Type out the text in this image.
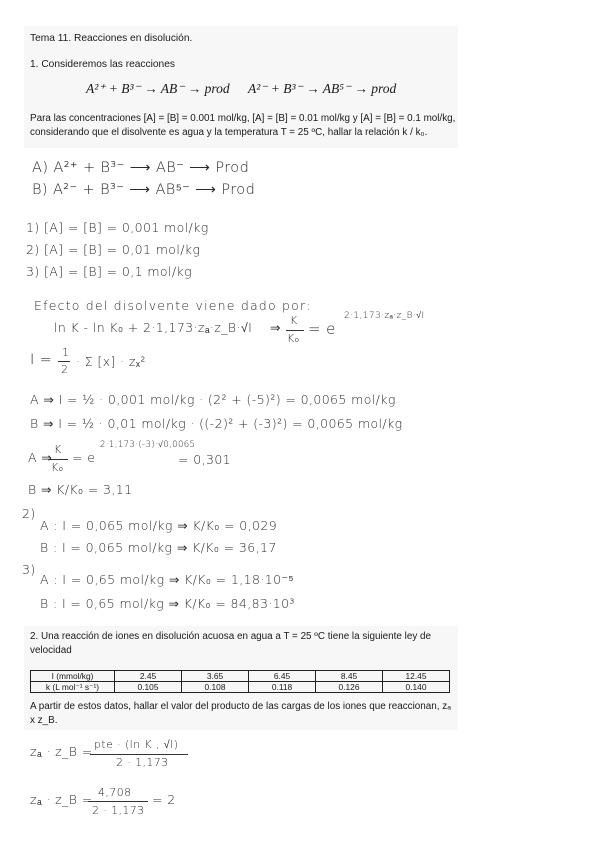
Tema 11. Reacciones en disolución.
1. Consideremos las reacciones
A²⁺ + B³⁻ → AB⁻ → prod A²⁻ + B³⁻ → AB⁵⁻ → prod
Para las concentraciones [A] = [B] = 0.001 mol/kg, [A] = [B] = 0.01 mol/kg y [A] = [B] = 0.1 mol/kg,
considerando que el disolvente es agua y la temperatura T = 25 ºC, hallar la relación k / k₀.
A) A²⁺ + B³⁻ ⟶ AB⁻ ⟶ Prod
B) A²⁻ + B³⁻ ⟶ AB⁵⁻ ⟶ Prod
1) [A] = [B] = 0,001 mol/kg
2) [A] = [B] = 0,01 mol/kg
3) [A] = [B] = 0,1 mol/kg
Efecto del disolvente viene dado por:
ln K - ln K₀ + 2·1,173·zₐ·z_B·√I ⇒ K
K₀
= e
2·1,173·zₐ·z_B·√I
I = 1
2
· Σ [x] · zₓ²
A ⇒ I = ½ · 0,001 mol/kg · (2² + (-5)²) = 0,0065 mol/kg
B ⇒ I = ½ · 0,01 mol/kg · ((-2)² + (-3)²) = 0,0065 mol/kg
A ⇒
K
K₀
= e
2·1,173·(-3)·√0,0065
= 0,301
B ⇒ K/K₀ = 3,11
2)
A : I = 0,065 mol/kg ⇒ K/K₀ = 0,029
B : I = 0,065 mol/kg ⇒ K/K₀ = 36,17
3)
A : I = 0,65 mol/kg ⇒ K/K₀ = 1,18·10⁻⁵
B : I = 0,65 mol/kg ⇒ K/K₀ = 84,83·10³
2. Una reacción de iones en disolución acuosa en agua a T = 25 ºC tiene la siguiente ley de
velocidad
I (mmol/kg)	2.45	3.65	6.45	8.45	12.45
k (L mol⁻¹ s⁻¹)	0.105	0.108	0.118	0.126	0.140
A partir de estos datos, hallar el valor del producto de las cargas de los iones que reaccionan, zₐ
x z_B.
zₐ · z_B = pte · (ln K , √I)
2 · 1,173
zₐ · z_B = 4,708
2 · 1,173
= 2
